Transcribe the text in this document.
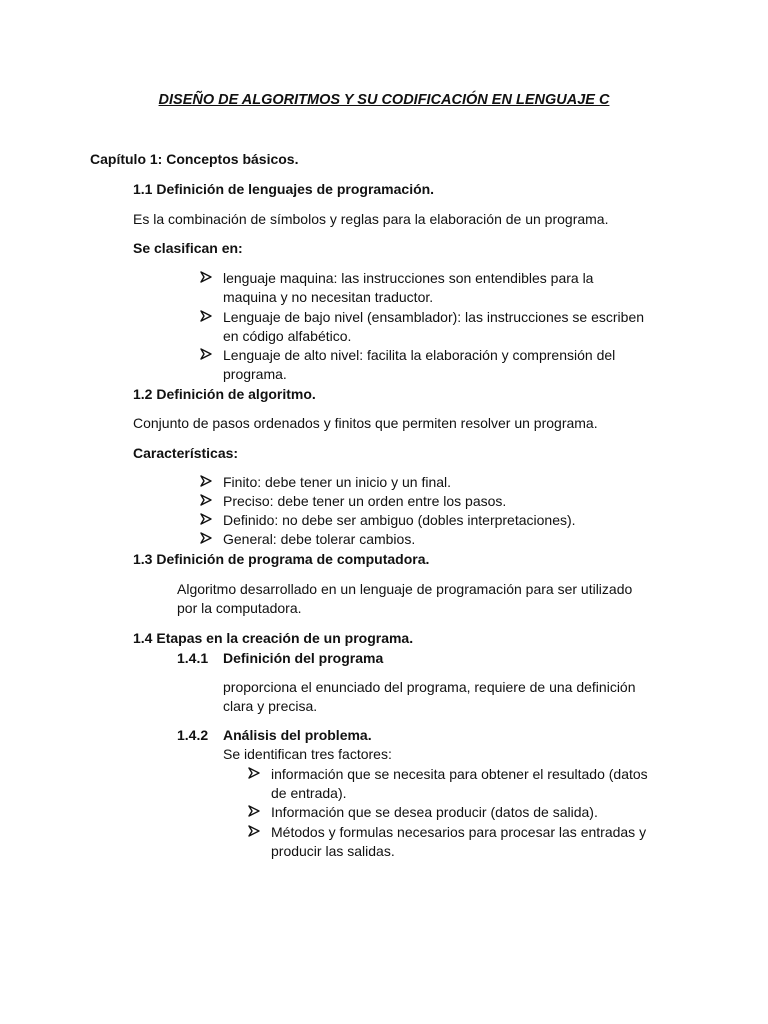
DISEÑO DE ALGORITMOS Y SU CODIFICACIÓN EN LENGUAJE C
Capítulo 1: Conceptos básicos.
1.1 Definición de lenguajes de programación.
Es la combinación de símbolos y reglas para la elaboración de un programa.
Se clasifican en:
lenguaje maquina: las instrucciones son entendibles para la
maquina y no necesitan traductor.
Lenguaje de bajo nivel (ensamblador): las instrucciones se escriben
en código alfabético.
Lenguaje de alto nivel: facilita la elaboración y comprensión del
programa.
1.2 Definición de algoritmo.
Conjunto de pasos ordenados y finitos que permiten resolver un programa.
Características:
Finito: debe tener un inicio y un final.
Preciso: debe tener un orden entre los pasos.
Definido: no debe ser ambiguo (dobles interpretaciones).
General: debe tolerar cambios.
1.3 Definición de programa de computadora.
Algoritmo desarrollado en un lenguaje de programación para ser utilizado
por la computadora.
1.4 Etapas en la creación de un programa.
1.4.1 Definición del programa
proporciona el enunciado del programa, requiere de una definición
clara y precisa.
1.4.2 Análisis del problema.
Se identifican tres factores:
información que se necesita para obtener el resultado (datos
de entrada).
Información que se desea producir (datos de salida).
Métodos y formulas necesarios para procesar las entradas y
producir las salidas.
